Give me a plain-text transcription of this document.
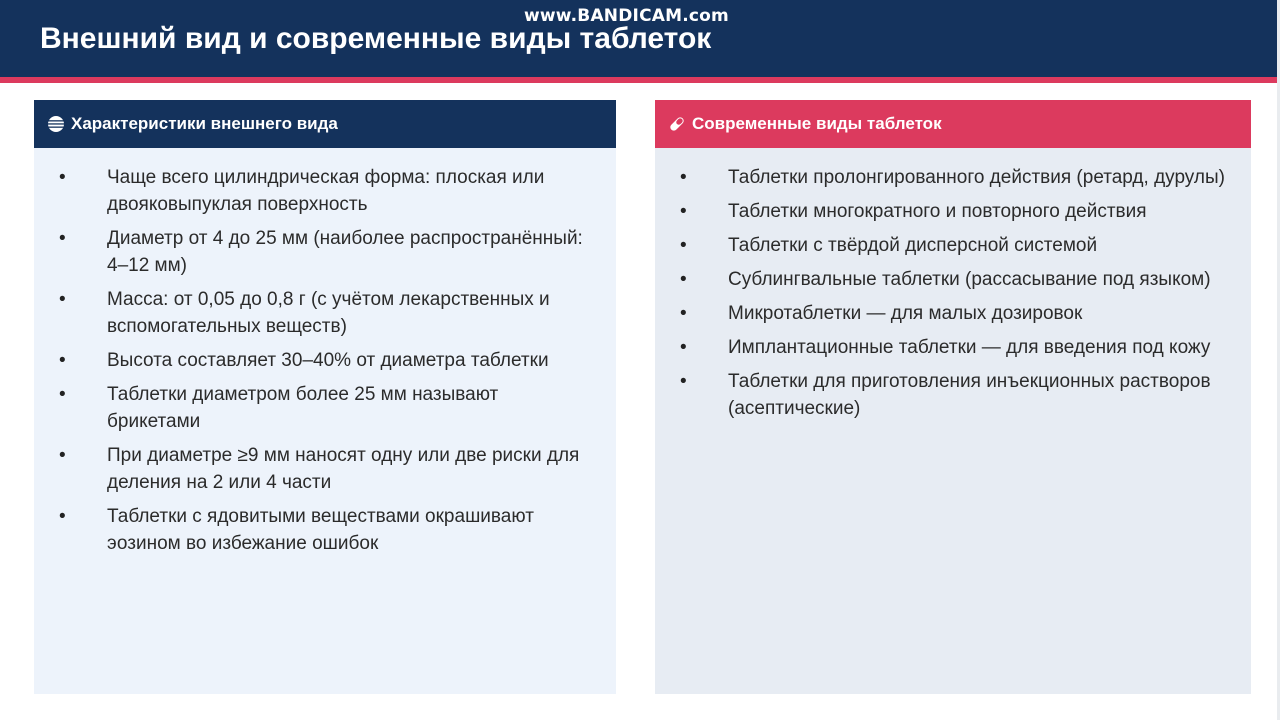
Внешний вид и современные виды таблеток
www.BANDICAM.com
Характеристики внешнего вида
• Чаще всего цилиндрическая форма: плоская или двояковыпуклая поверхность
• Диаметр от 4 до 25 мм (наиболее распространённый: 4–12 мм)
• Масса: от 0,05 до 0,8 г (с учётом лекарственных и вспомогательных веществ)
• Высота составляет 30–40% от диаметра таблетки
• Таблетки диаметром более 25 мм называют брикетами
• При диаметре ≥9 мм наносят одну или две риски для деления на 2 или 4 части
• Таблетки с ядовитыми веществами окрашивают эозином во избежание ошибок
Современные виды таблеток
• Таблетки пролонгированного действия (ретард, дурулы)
• Таблетки многократного и повторного действия
• Таблетки с твёрдой дисперсной системой
• Сублингвальные таблетки (рассасывание под языком)
• Микротаблетки — для малых дозировок
• Имплантационные таблетки — для введения под кожу
• Таблетки для приготовления инъекционных растворов (асептические)
